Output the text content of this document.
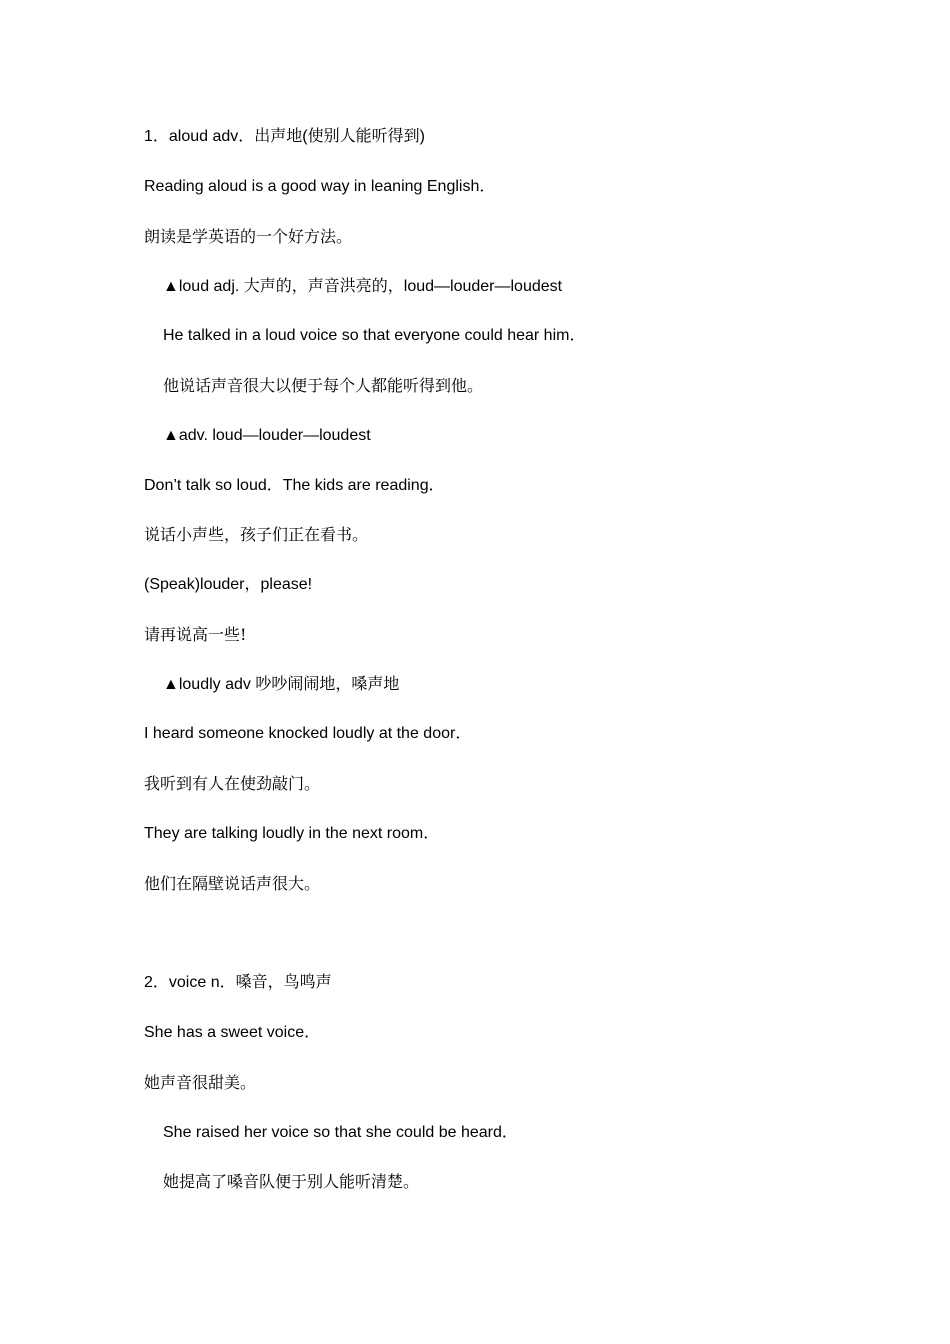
1．aloud adv．出声地(使别人能听得到)
Reading aloud is a good way in leaning English．
朗读是学英语的一个好方法。
▲loud adj. 大声的，声音洪亮的，loud—louder—loudest
He talked in a loud voice so that everyone could hear him．
他说话声音很大以便于每个人都能听得到他。
▲adv. loud—louder—loudest
Don’t talk so loud．The kids are reading．
说话小声些，孩子们正在看书。
(Speak)louder，please!
请再说高一些!
▲loudly adv 吵吵闹闹地，嗓声地
I heard someone knocked loudly at the door．
我听到有人在使劲敲门。
They are talking loudly in the next room．
他们在隔壁说话声很大。
2．voice n．嗓音，鸟鸣声
She has a sweet voice．
她声音很甜美。
She raised her voice so that she could be heard．
她提高了嗓音队便于别人能听清楚。
